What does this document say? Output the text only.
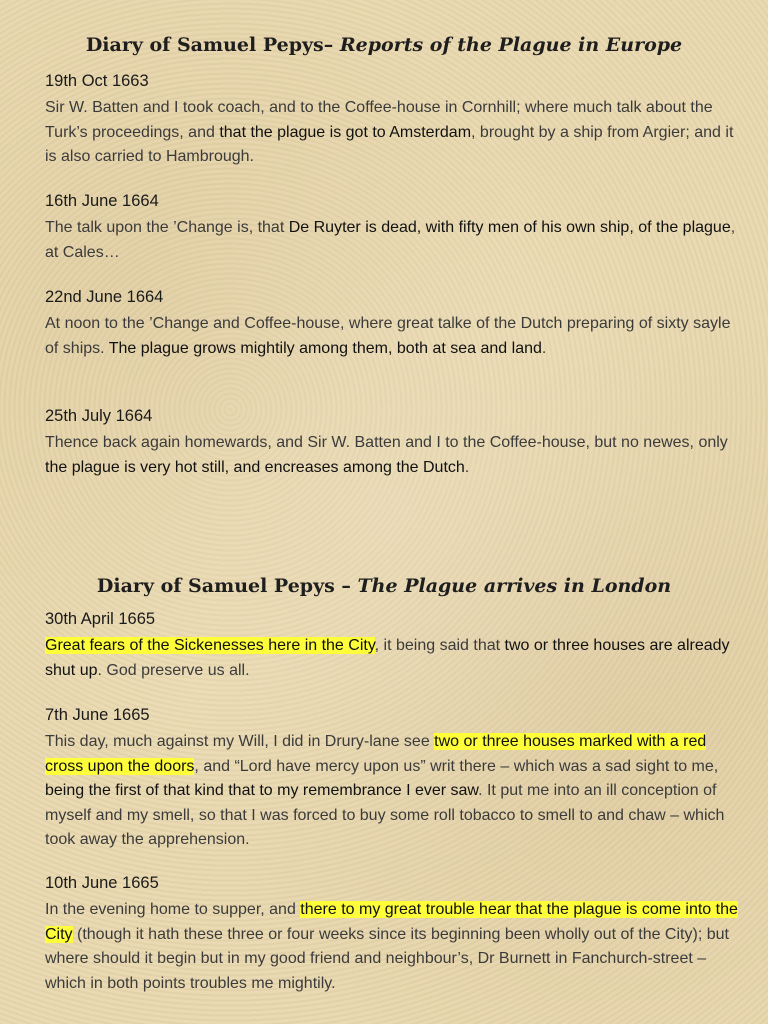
Diary of Samuel Pepys– Reports of the Plague in Europe
19th Oct 1663

Sir W. Batten and I took coach, and to the Coffee-house in Cornhill; where much talk about the Turk’s proceedings, and that the plague is got to Amsterdam, brought by a ship from Argier; and it is also carried to Hambrough.

16th June 1664

The talk upon the ’Change is, that De Ruyter is dead, with fifty men of his own ship, of the plague, at Cales…

22nd June 1664

At noon to the ’Change and Coffee-house, where great talke of the Dutch preparing of sixty sayle of ships. The plague grows mightily among them, both at sea and land.

25th July 1664

Thence back again homewards, and Sir W. Batten and I to the Coffee-house, but no newes, only the plague is very hot still, and encreases among the Dutch.

Diary of Samuel Pepys – The Plague arrives in London
30th April 1665

Great fears of the Sickenesses here in the City, it being said that two or three houses are already shut up. God preserve us all.

7th June 1665

This day, much against my Will, I did in Drury-lane see two or three houses marked with a red cross upon the doors, and “Lord have mercy upon us” writ there – which was a sad sight to me, being the first of that kind that to my remembrance I ever saw. It put me into an ill conception of myself and my smell, so that I was forced to buy some roll tobacco to smell to and chaw – which took away the apprehension.

10th June 1665

In the evening home to supper, and there to my great trouble hear that the plague is come into the City (though it hath these three or four weeks since its beginning been wholly out of the City); but where should it begin but in my good friend and neighbour’s, Dr Burnett in Fanchurch-street – which in both points troubles me mightily.
